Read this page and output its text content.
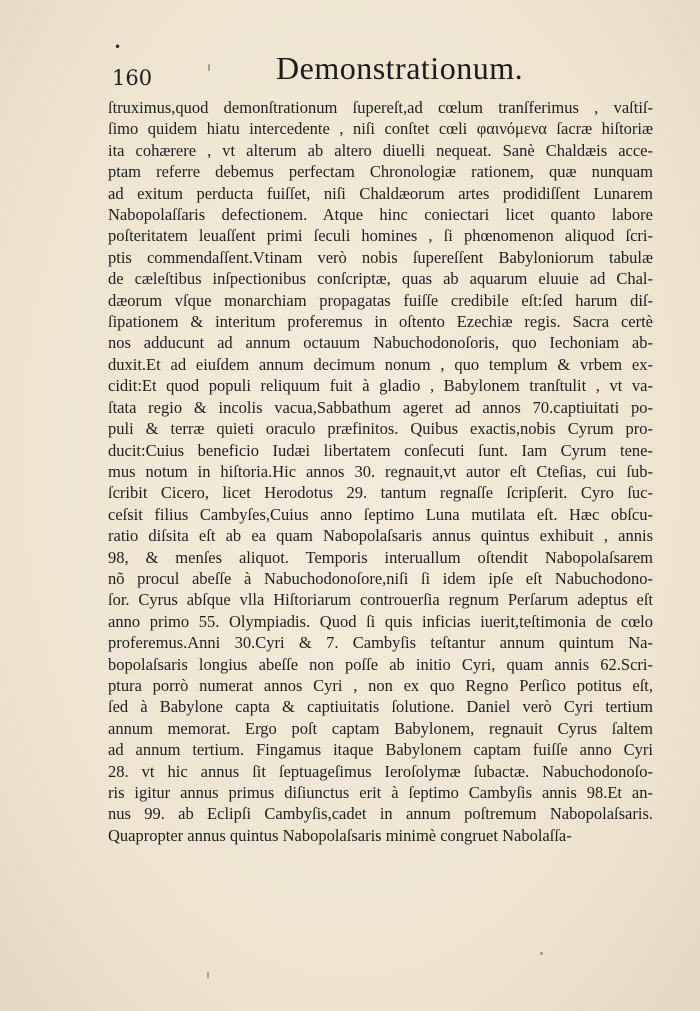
•
160	Demonstrationum.
ſtruximus,quod demonſtrationum ſupereſt,ad cœlum tranſferimus , vaſtiſ-
ſimo quidem hiatu intercedente , niſi conſtet cœli φαινόμενα ſacræ hiſtoriæ
ita cohærere , vt alterum ab altero diuelli nequeat. Sanè Chaldæis acce-
ptam referre debemus perfectam Chronologiæ rationem, quæ nunquam
ad exitum perducta fuiſſet, niſi Chaldæorum artes prodidiſſent Lunarem
Nabopolaſſaris defectionem. Atque hinc coniectari licet quanto labore
poſteritatem leuaſſent primi ſeculi homines , ſi phœnomenon aliquod ſcri-
ptis commendaſſent.Vtinam verò nobis ſupereſſent Babyloniorum tabulæ
de cæleſtibus inſpectionibus conſcriptæ, quas ab aquarum eluuie ad Chal-
dæorum vſque monarchiam propagatas fuiſſe credibile eſt:ſed harum diſ-
ſipationem & interitum proferemus in oſtento Ezechiæ regis. Sacra certè
nos adducunt ad annum octauum Nabuchodonoſoris, quo Iechoniam ab-
duxit.Et ad eiuſdem annum decimum nonum , quo templum & vrbem ex-
cidit:Et quod populi reliquum fuit à gladio , Babylonem tranſtulit , vt va-
ſtata regio & incolis vacua,Sabbathum ageret ad annos 70.captiuitati po-
puli & terræ quieti oraculo præfinitos. Quibus exactis,nobis Cyrum pro-
ducit:Cuius beneficio Iudæi libertatem conſecuti ſunt. Iam Cyrum tene-
mus notum in hiſtoria.Hic annos 30. regnauit,vt autor eſt Cteſias, cui ſub-
ſcribit Cicero, licet Herodotus 29. tantum regnaſſe ſcripſerit. Cyro ſuc-
ceſsit filius Cambyſes,Cuius anno ſeptimo Luna mutilata eſt. Hæc obſcu-
ratio diſsita eſt ab ea quam Nabopolaſsaris annus quintus exhibuit , annis
98, & menſes aliquot. Temporis interuallum oſtendit Nabopolaſsarem
nõ procul abeſſe à Nabuchodonoſore,niſi ſi idem ipſe eſt Nabuchodono-
ſor. Cyrus abſque vlla Hiſtoriarum controuerſia regnum Perſarum adeptus eſt
anno primo 55. Olympiadis. Quod ſi quis inficias iuerit,teſtimonia de cœlo
proferemus.Anni 30.Cyri & 7. Cambyſis teſtantur annum quintum Na-
bopolaſsaris longius abeſſe non poſſe ab initio Cyri, quam annis 62.Scri-
ptura porrò numerat annos Cyri , non ex quo Regno Perſico potitus eſt,
ſed à Babylone capta & captiuitatis ſolutione. Daniel verò Cyri tertium
annum memorat. Ergo poſt captam Babylonem, regnauit Cyrus ſaltem
ad annum tertium. Fingamus itaque Babylonem captam fuiſſe anno Cyri
28. vt hic annus ſit ſeptuageſimus Ieroſolymæ ſubactæ. Nabuchodonoſo-
ris igitur annus primus diſiunctus erit à ſeptimo Cambyſis annis 98.Et an-
nus 99. ab Eclipſi Cambyſis,cadet in annum poſtremum Nabopolaſsaris.
Quapropter annus quintus Nabopolaſsaris minimè congruet Nabolaſſa-
